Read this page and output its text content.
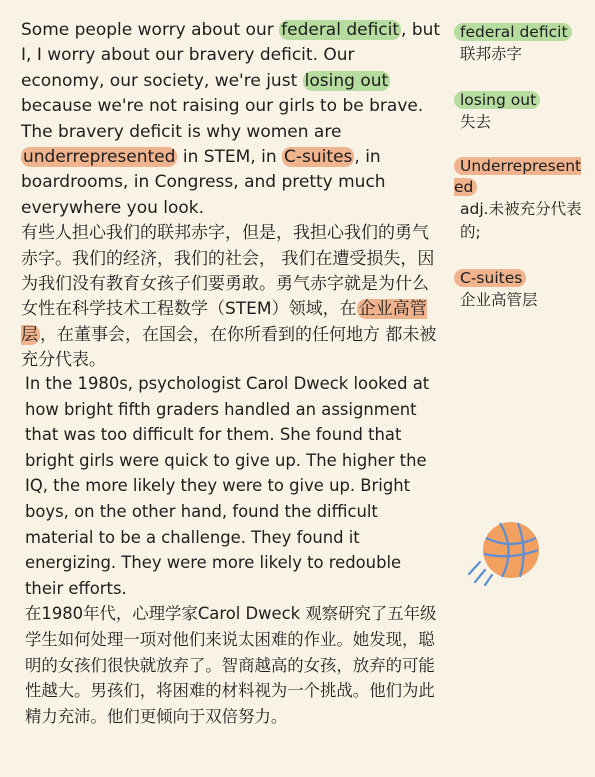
Some people worry about our federal deficit , but I, I worry about our bravery deficit. Our economy, our society, we're just losing out because we're not raising our girls to be brave. The bravery deficit is why women are underrepresented in STEM, in C-suites , in boardrooms, in Congress, and pretty much everywhere you look.

有些人担心我们的联邦赤字，但是，我担心我们的勇气赤字。我们的经济，我们的社会， 我们在遭受损失，因为我们没有教育女孩子们要勇敢。勇气赤字就是为什么女性在科学技术工程数学（STEM）领域，在 企业高管层 ，在董事会，在国会，在你所看到的任何地方 都未被充分代表。

federal deficit
联邦赤字
losing out
失去
Underrepresented
adj.未被充分代表的;
C-suites
企业高管层

In the 1980s, psychologist Carol Dweck looked at how bright fifth graders handled an assignment that was too difficult for them. She found that bright girls were quick to give up. The higher the IQ, the more likely they were to give up. Bright boys, on the other hand, found the difficult material to be a challenge. They found it energizing. They were more likely to redouble their efforts.

在1980年代，心理学家Carol Dweck 观察研究了五年级学生如何处理一项对他们来说太困难的作业。她发现，聪明的女孩们很快就放弃了。智商越高的女孩，放弃的可能性越大。男孩们，将困难的材料视为一个挑战。他们为此精力充沛。他们更倾向于双倍努力。
